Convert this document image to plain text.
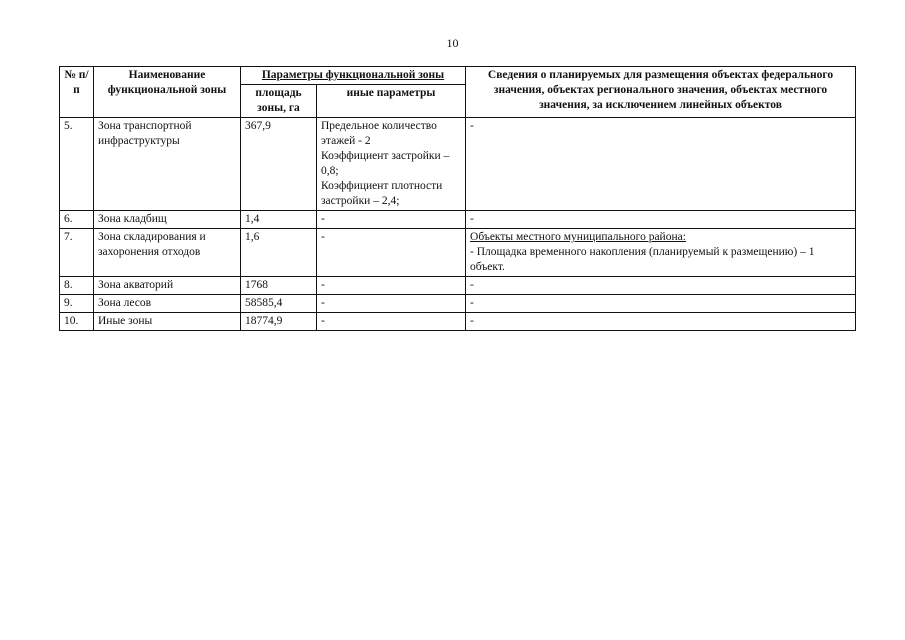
10
№ п/п	Наименование функциональной зоны	Параметры функциональной зоны		Сведения о планируемых для размещения объектах федерального значения, объектах регионального значения, объектах местного значения, за исключением линейных объектов
		площадь зоны, га	иные параметры	
5.	Зона транспортной инфраструктуры	367,9	Предельное количество этажей - 2
Коэффициент застройки – 0,8;
Коэффициент плотности застройки – 2,4;	-
6.	Зона кладбищ	1,4	-	-
7.	Зона складирования и захоронения отходов	1,6	-	Объекты местного муниципального района:
- Площадка временного накопления (планируемый к размещению) – 1 объект.

8.	Зона акваторий	1768	-	-
9.	Зона лесов	58585,4	-	-
10.	Иные зоны	18774,9	-	-
